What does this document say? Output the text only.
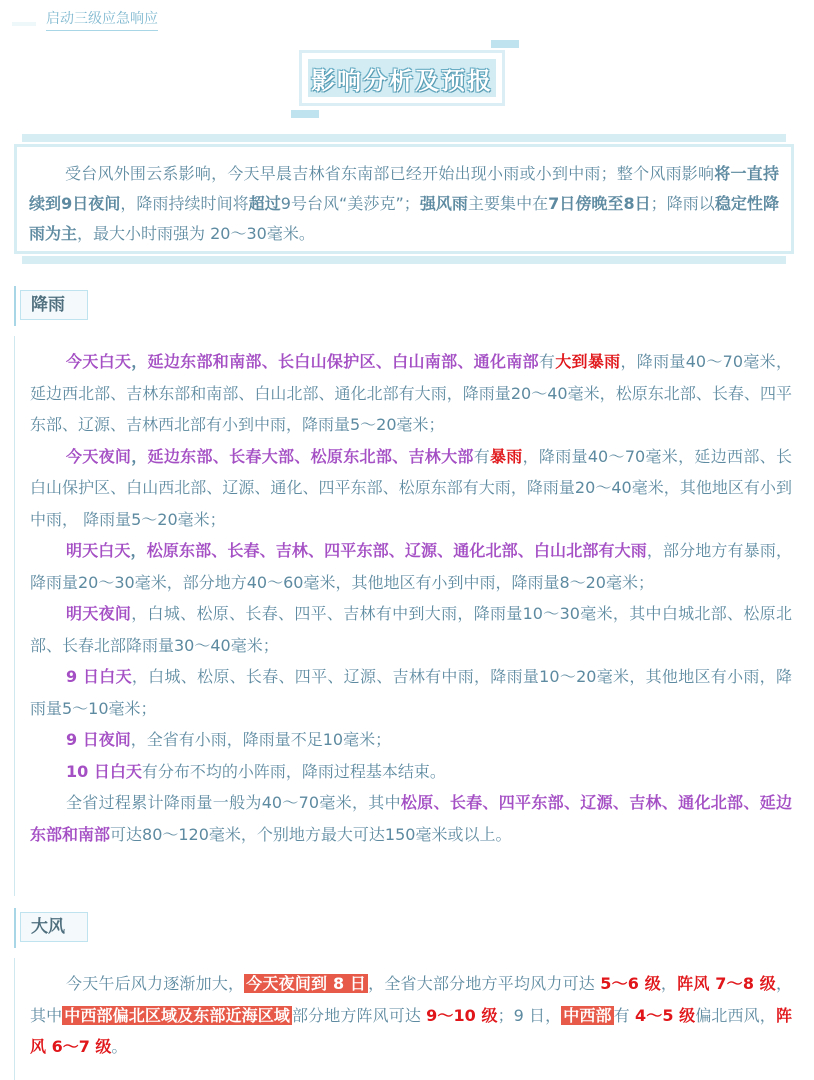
启动三级应急响应
影响分析及预报

受台风外围云系影响，今天早晨吉林省东南部已经开始出现小雨或小到中雨；整个风雨影响将一直持续到9日夜间，降雨持续时间将超过9号台风“美莎克”；强风雨主要集中在7日傍晚至8日；降雨以稳定性降雨为主，最大小时雨强为 20～30毫米。

降雨

今天白天，延边东部和南部、长白山保护区、白山南部、通化南部有大到暴雨，降雨量40～70毫米，延边西北部、吉林东部和南部、白山北部、通化北部有大雨，降雨量20～40毫米，松原东北部、长春、四平东部、辽源、吉林西北部有小到中雨，降雨量5～20毫米；

今天夜间，延边东部、长春大部、松原东北部、吉林大部有暴雨，降雨量40～70毫米，延边西部、长白山保护区、白山西北部、辽源、通化、四平东部、松原东部有大雨，降雨量20～40毫米，其他地区有小到中雨， 降雨量5～20毫米；

明天白天，松原东部、长春、吉林、四平东部、辽源、通化北部、白山北部有大雨，部分地方有暴雨， 降雨量20～30毫米，部分地方40～60毫米，其他地区有小到中雨，降雨量8～20毫米；

明天夜间，白城、松原、长春、四平、吉林有中到大雨，降雨量10～30毫米，其中白城北部、松原北部、长春北部降雨量30～40毫米；

9 日白天，白城、松原、长春、四平、辽源、吉林有中雨，降雨量10～20毫米，其他地区有小雨，降雨量5～10毫米；

9 日夜间，全省有小雨，降雨量不足10毫米；

10 日白天有分布不均的小阵雨，降雨过程基本结束。

全省过程累计降雨量一般为40～70毫米，其中松原、长春、四平东部、辽源、吉林、通化北部、延边东部和南部可达80～120毫米，个别地方最大可达150毫米或以上。

大风

今天午后风力逐渐加大， 今天夜间到 8 日 ，全省大部分地方平均风力可达 5～6 级，阵风 7～8 级，其中 中西部偏北区域及东部近海区域 部分地方阵风可达 9～10 级；9 日， 中西部 有 4～5 级偏北西风，阵风 6～7 级。
